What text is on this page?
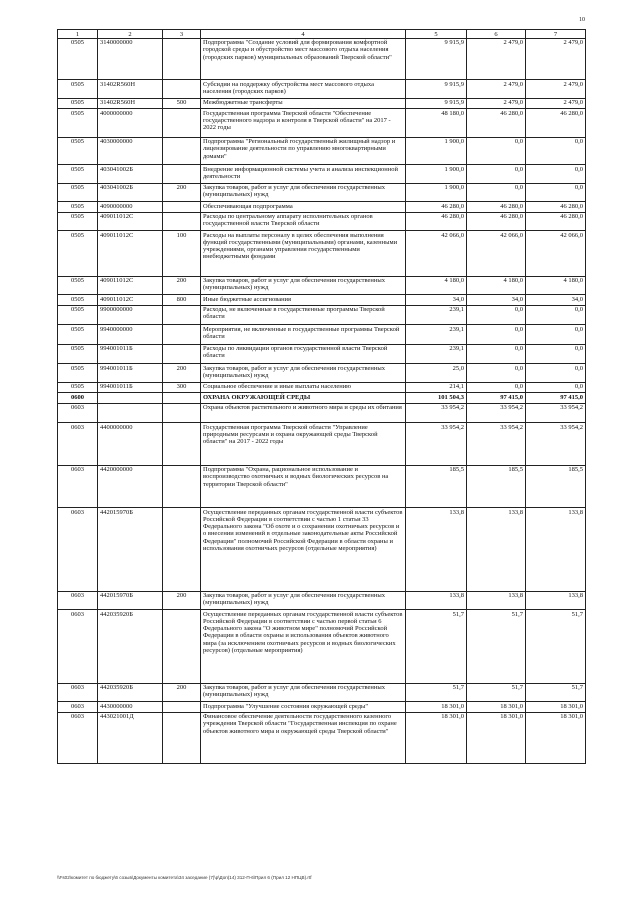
10
1	2	3	4	5	6	7
0505	3140000000		Подпрограмма "Создание условий для формирования комфортной городской среды и обустройство мест массового отдыха населения (городских парков) муниципальных образований Тверской области"	9 915,9	2 479,0	2 479,0
0505	31402R560Н		Субсидии на поддержку обустройства мест массового отдыха населения (городских парков)	9 915,9	2 479,0	2 479,0
0505	31402R560Н	500	Межбюджетные трансферты	9 915,9	2 479,0	2 479,0
0505	4000000000		Государственная программа Тверской области "Обеспечение государственного надзора и контроля в Тверской области" на 2017 - 2022 годы	48 180,0	46 280,0	46 280,0
0505	4030000000		Подпрограмма "Региональный государственный жилищный надзор и лицензирование деятельности по управлению многоквартирными домами"	1 900,0	0,0	0,0
0505	403041002Б		Внедрение информационной системы учета и анализа инспекционной деятельности	1 900,0	0,0	0,0
0505	403041002Б	200	Закупка товаров, работ и услуг для обеспечения государственных (муниципальных) нужд	1 900,0	0,0	0,0
0505	4090000000		Обеспечивающая подпрограмма	46 280,0	46 280,0	46 280,0
0505	409011012С		Расходы по центральному аппарату исполнительных органов государственной власти Тверской области	46 280,0	46 280,0	46 280,0
0505	409011012С	100	Расходы на выплаты персоналу в целях обеспечения выполнения функций государственными (муниципальными) органами, казенными учреждениями, органами управления государственными внебюджетными фондами	42 066,0	42 066,0	42 066,0
0505	409011012С	200	Закупка товаров, работ и услуг для обеспечения государственных (муниципальных) нужд	4 180,0	4 180,0	4 180,0
0505	409011012С	800	Иные бюджетные ассигнования	34,0	34,0	34,0
0505	9900000000		Расходы, не включенные в государственные программы Тверской области	239,1	0,0	0,0
0505	9940000000		Мероприятия, не включенные в государственные программы Тверской области	239,1	0,0	0,0
0505	994001011Б		Расходы по ликвидации органов государственной власти Тверской области	239,1	0,0	0,0
0505	994001011Б	200	Закупка товаров, работ и услуг для обеспечения государственных (муниципальных) нужд	25,0	0,0	0,0
0505	994001011Б	300	Социальное обеспечение и иные выплаты населению	214,1	0,0	0,0
0600			ОХРАНА ОКРУЖАЮЩЕЙ СРЕДЫ	101 504,3	97 415,0	97 415,0
0603			Охрана объектов растительного и животного мира и среды их обитания	33 954,2	33 954,2	33 954,2
0603	4400000000		Государственная программа Тверской области "Управление природными ресурсами и охрана окружающей среды Тверской области" на 2017 - 2022 годы	33 954,2	33 954,2	33 954,2
0603	4420000000		Подпрограмма "Охрана, рациональное использование и воспроизводство охотничьих и водных биологических ресурсов на территории Тверской области"	185,5	185,5	185,5
0603	442015970Б		Осуществление переданных органам государственной власти субъектов Российской Федерации в соответствии с частью 1 статьи 33 Федерального закона "Об охоте и о сохранении охотничьих ресурсов и о внесении изменений в отдельные законодательные акты Российской Федерации" полномочий Российской Федерации в области охраны и использования охотничьих ресурсов (отдельные мероприятия)	133,8	133,8	133,8
0603	442015970Б	200	Закупка товаров, работ и услуг для обеспечения государственных (муниципальных) нужд	133,8	133,8	133,8
0603	442035920Б		Осуществление переданных органам государственной власти субъектов Российской Федерации в соответствии с частью первой статьи 6 Федерального закона "О животном мире" полномочий Российской Федерации в области охраны и использования объектов животного мира (за исключением охотничьих ресурсов и водных биологических ресурсов) (отдельные мероприятия)	51,7	51,7	51,7
0603	442035920Б	200	Закупка товаров, работ и услуг для обеспечения государственных (муниципальных) нужд	51,7	51,7	51,7
0603	4430000000		Подпрограмма "Улучшение состояния окружающей среды"	18 301,0	18 301,0	18 301,0
0603	443021001Д		Финансовое обеспечение деятельности государственного казенного учреждения Тверской области "Государственная инспекция по охране объектов животного мира и окружающей среды Тверской области"	18 301,0	18 301,0	18 301,0
\\Fs02\комитет по бюджету\6 созыв\Документы комитета\34 заседание (7)\p\Доп(14) 312-П-6\Прил 6 (Прил 12 НПЦВ).rtf
